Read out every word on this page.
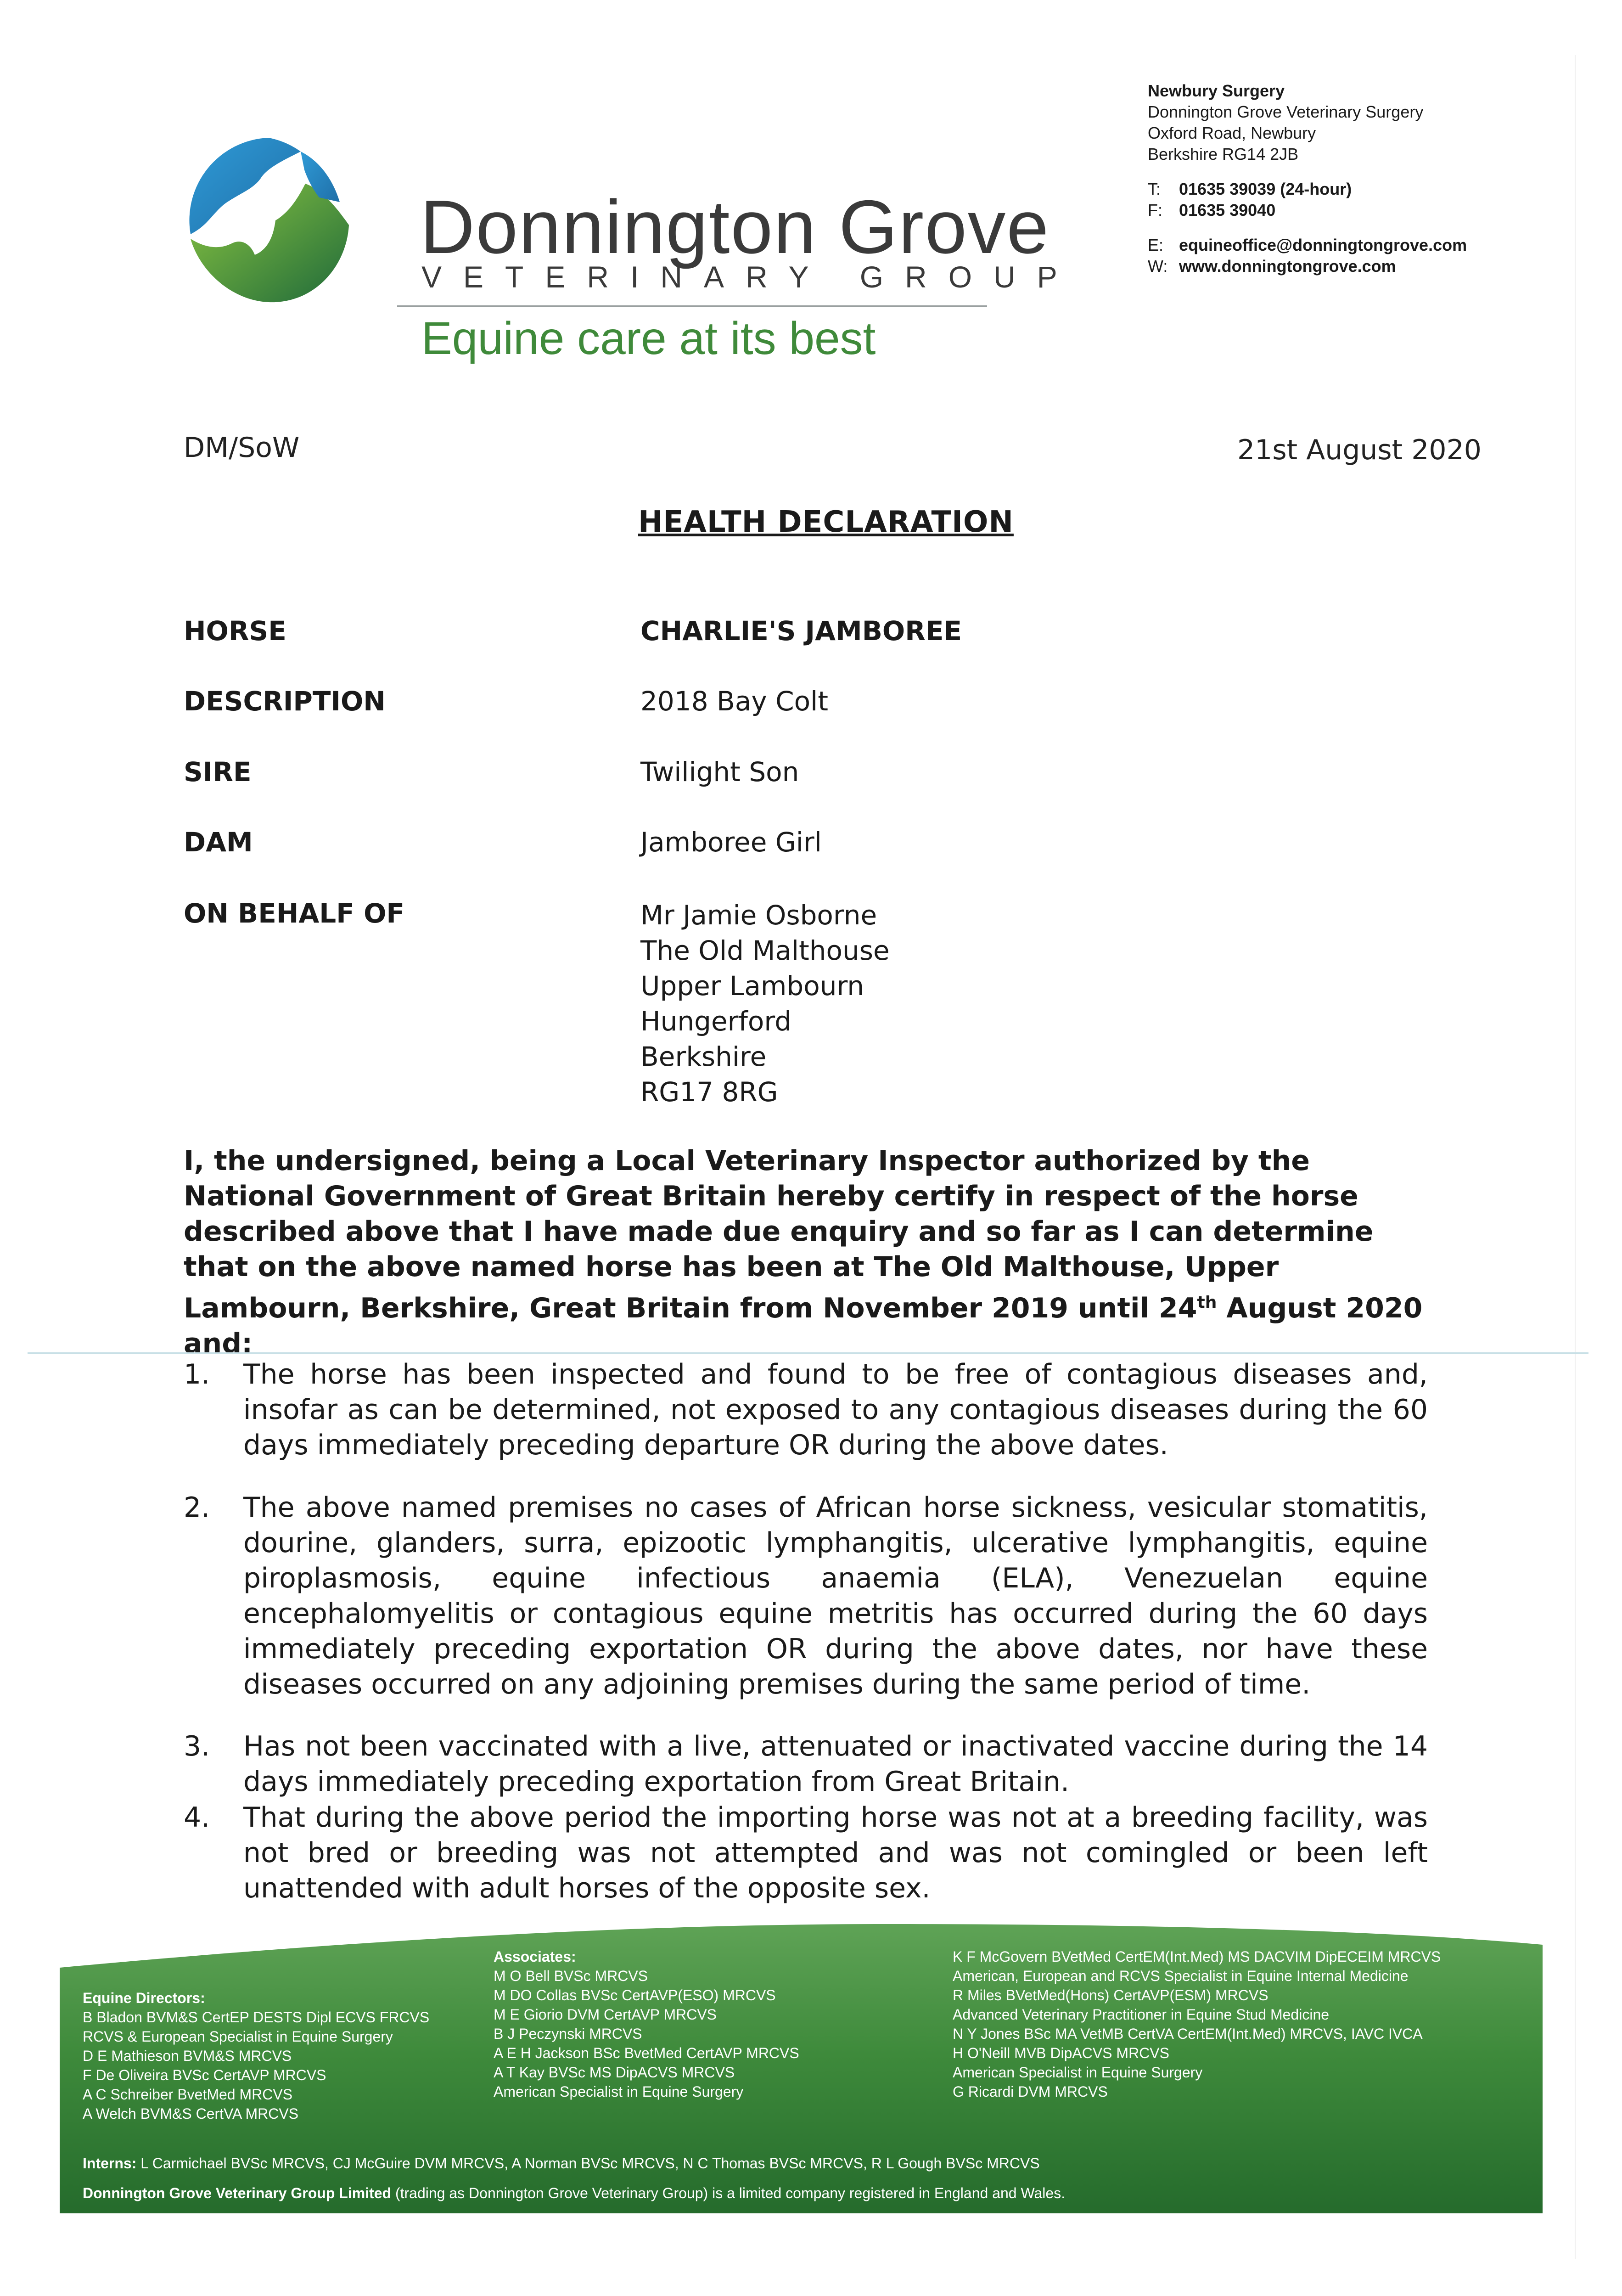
Donnington Grove
VETERINARY GROUP
Equine care at its best
Newbury Surgery
Donnington Grove Veterinary Surgery
Oxford Road, Newbury
Berkshire RG14 2JB
T: 01635 39039 (24-hour)
F: 01635 39040
E: equineoffice@donningtongrove.com
W: www.donningtongrove.com
DM/SoW	21st August 2020
HEALTH DECLARATION
HORSE	CHARLIE'S JAMBOREE
DESCRIPTION	2018 Bay Colt
SIRE	Twilight Son
DAM	Jamboree Girl
ON BEHALF OF	Mr Jamie Osborne
The Old Malthouse
Upper Lambourn
Hungerford
Berkshire
RG17 8RG
I, the undersigned, being a Local Veterinary Inspector authorized by the National Government of Great Britain hereby certify in respect of the horse described above that I have made due enquiry and so far as I can determine that on the above named horse has been at The Old Malthouse, Upper Lambourn, Berkshire, Great Britain from November 2019 until 24th August 2020 and:
1. The horse has been inspected and found to be free of contagious diseases and, insofar as can be determined, not exposed to any contagious diseases during the 60 days immediately preceding departure OR during the above dates.
2. The above named premises no cases of African horse sickness, vesicular stomatitis, dourine, glanders, surra, epizootic lymphangitis, ulcerative lymphangitis, equine piroplasmosis, equine infectious anaemia (ELA), Venezuelan equine encephalomyelitis or contagious equine metritis has occurred during the 60 days immediately preceding exportation OR during the above dates, nor have these diseases occurred on any adjoining premises during the same period of time.
3. Has not been vaccinated with a live, attenuated or inactivated vaccine during the 14 days immediately preceding exportation from Great Britain.
4. That during the above period the importing horse was not at a breeding facility, was not bred or breeding was not attempted and was not comingled or been left unattended with adult horses of the opposite sex.
Equine Directors:
B Bladon BVM&S CertEP DESTS Dipl ECVS FRCVS
RCVS & European Specialist in Equine Surgery
D E Mathieson BVM&S MRCVS
F De Oliveira BVSc CertAVP MRCVS
A C Schreiber BvetMed MRCVS
A Welch BVM&S CertVA MRCVS
Associates:
M O Bell BVSc MRCVS
M DO Collas BVSc CertAVP(ESO) MRCVS
M E Giorio DVM CertAVP MRCVS
B J Peczynski MRCVS
A E H Jackson BSc BvetMed CertAVP MRCVS
A T Kay BVSc MS DipACVS MRCVS
American Specialist in Equine Surgery
K F McGovern BVetMed CertEM(Int.Med) MS DACVIM DipECEIM MRCVS
American, European and RCVS Specialist in Equine Internal Medicine
R Miles BVetMed(Hons) CertAVP(ESM) MRCVS
Advanced Veterinary Practitioner in Equine Stud Medicine
N Y Jones BSc MA VetMB CertVA CertEM(Int.Med) MRCVS, IAVC IVCA
H O'Neill MVB DipACVS MRCVS
American Specialist in Equine Surgery
G Ricardi DVM MRCVS
Interns: L Carmichael BVSc MRCVS, CJ McGuire DVM MRCVS, A Norman BVSc MRCVS, N C Thomas BVSc MRCVS, R L Gough BVSc MRCVS
Donnington Grove Veterinary Group Limited (trading as Donnington Grove Veterinary Group) is a limited company registered in England and Wales.
